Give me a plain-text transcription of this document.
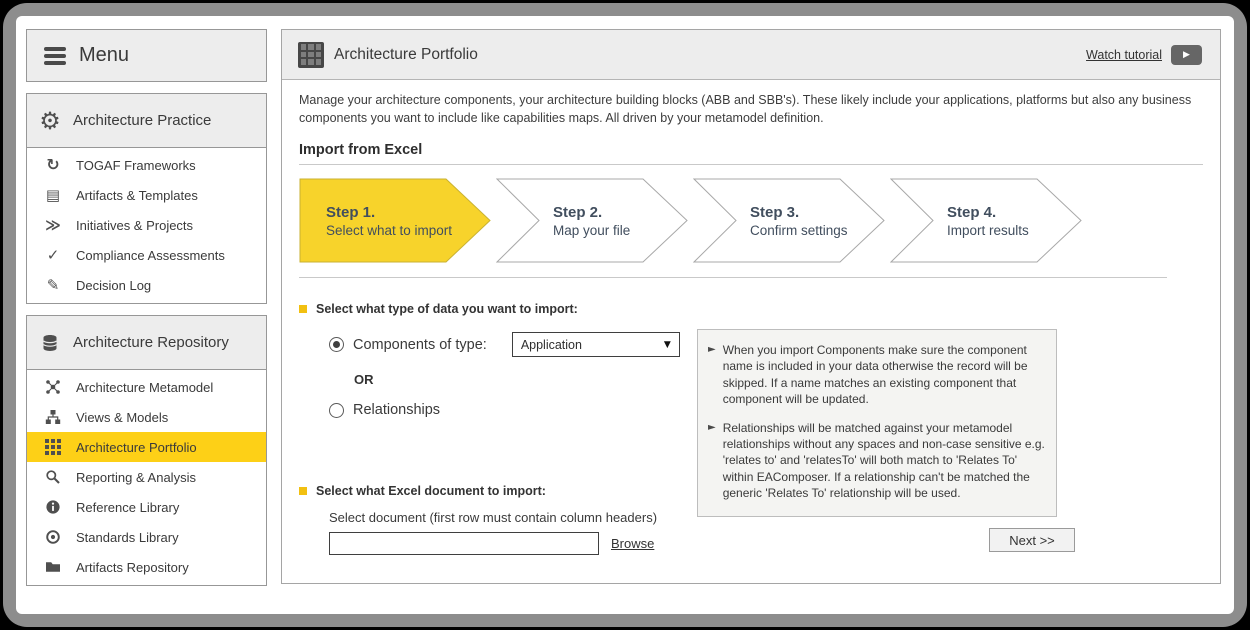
Menu
⚙ Architecture Practice
↻ TOGAF Frameworks
▤ Artifacts & Templates
≫ Initiatives & Projects
✓ Compliance Assessments
✎ Decision Log
Architecture Repository
Architecture Metamodel
Views & Models
Architecture Portfolio
Reporting & Analysis
Reference Library
Standards Library
Artifacts Repository
Architecture Portfolio	Watch tutorial ▶
Manage your architecture components, your architecture building blocks (ABB and SBB's). These likely include your applications, platforms but also any business components you want to include like capabilities maps. All driven by your metamodel definition.
Import from Excel
Step 1.
Select what to import
Step 2.
Map your file
Step 3.
Confirm settings
Step 4.
Import results
Select what type of data you want to import:
Components of type:	Application	▼
OR
Relationships
► When you import Components make sure the component name is included in your data otherwise the record will be skipped. If a name matches an existing component that component will be updated.
► Relationships will be matched against your metamodel relationships without any spaces and non-case sensitive e.g. 'relates to' and 'relatesTo' will both match to 'Relates To' within EAComposer. If a relationship can't be matched the generic 'Relates To' relationship will be used.
Select what Excel document to import:
Select document (first row must contain column headers)
Browse	Next >>
